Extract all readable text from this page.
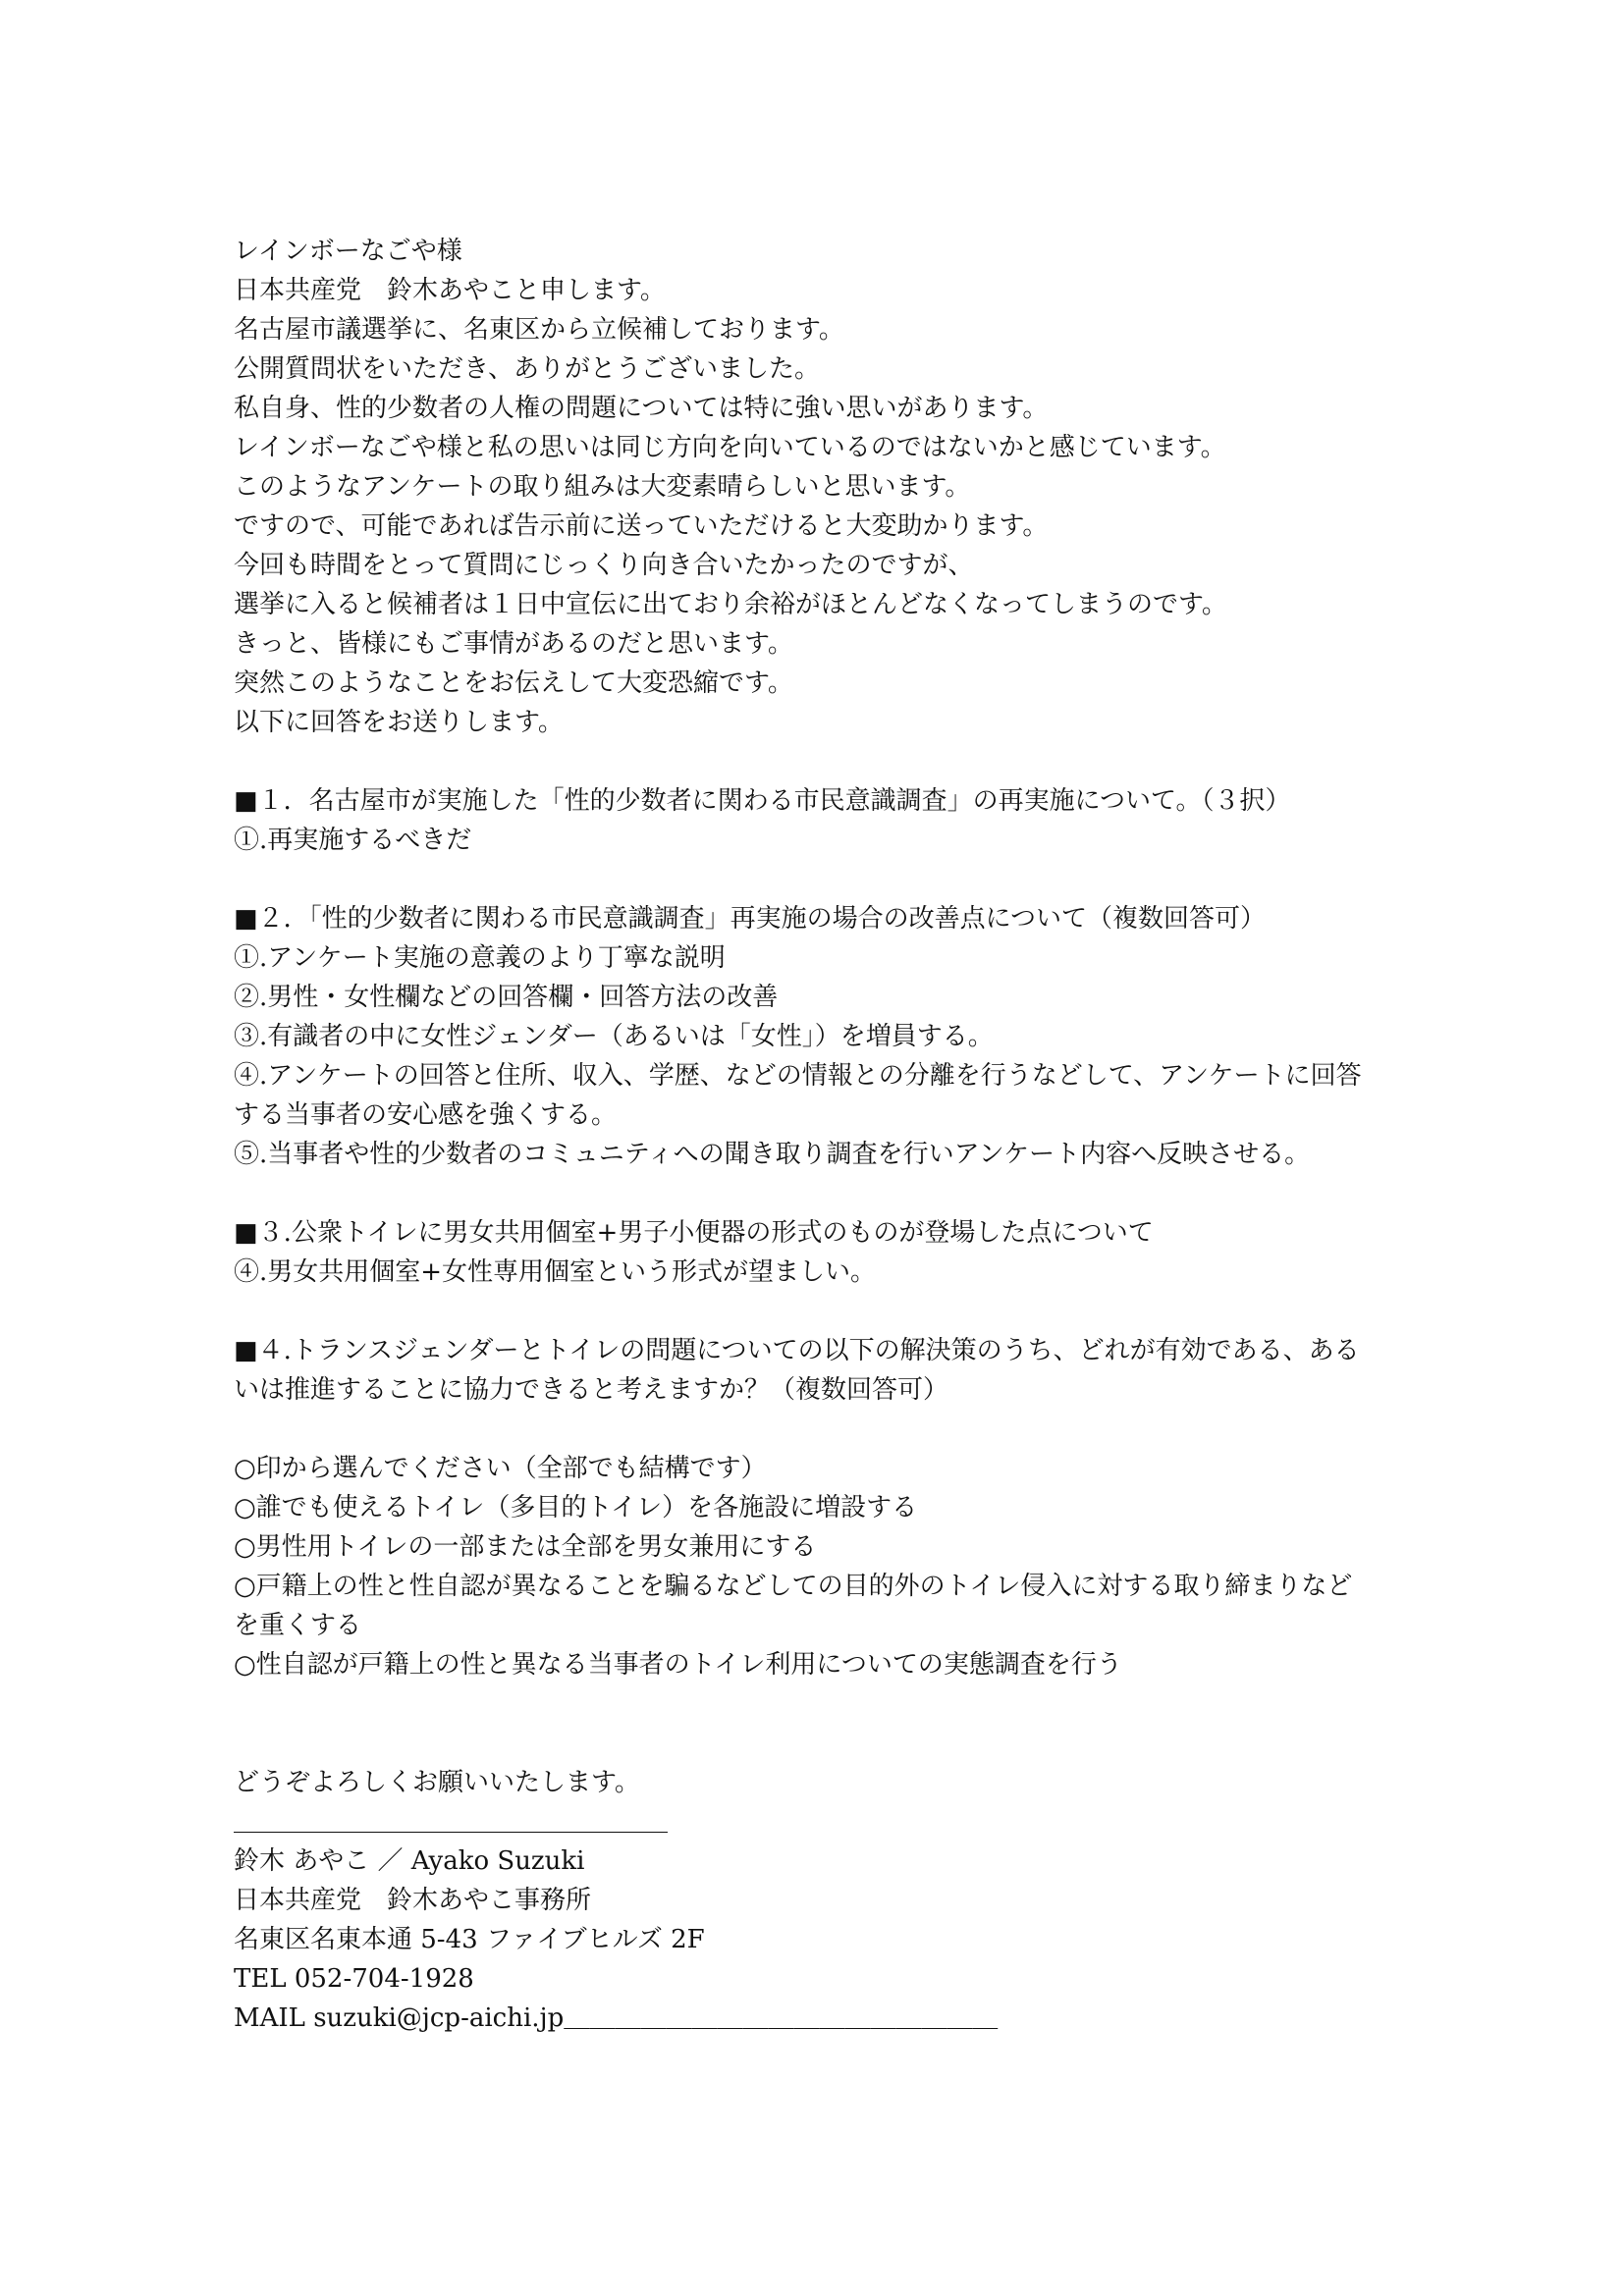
レインボーなごや様
日本共産党　鈴木あやこと申します。
名古屋市議選挙に、名東区から立候補しております。
公開質問状をいただき、ありがとうございました。
私自身、性的少数者の人権の問題については特に強い思いがあります。
レインボーなごや様と私の思いは同じ方向を向いているのではないかと感じています。
このようなアンケートの取り組みは大変素晴らしいと思います。
ですので、可能であれば告示前に送っていただけると大変助かります。
今回も時間をとって質問にじっくり向き合いたかったのですが、
選挙に入ると候補者は１日中宣伝に出ており余裕がほとんどなくなってしまうのです。
きっと、皆様にもご事情があるのだと思います。
突然このようなことをお伝えして大変恐縮です。
以下に回答をお送りします。
■１．名古屋市が実施した「性的少数者に関わる市民意識調査」の再実施について。（３択）
①.再実施するべきだ
■２．「性的少数者に関わる市民意識調査」再実施の場合の改善点について（複数回答可）
①.アンケート実施の意義のより丁寧な説明
②.男性・女性欄などの回答欄・回答方法の改善
③.有識者の中に女性ジェンダー（あるいは「女性」）を増員する。
④.アンケートの回答と住所、収入、学歴、などの情報との分離を行うなどして、アンケートに回答
する当事者の安心感を強くする。
⑤.当事者や性的少数者のコミュニティへの聞き取り調査を行いアンケート内容へ反映させる。
■３.公衆トイレに男女共用個室+男子小便器の形式のものが登場した点について
④.男女共用個室+女性専用個室という形式が望ましい。
■４.トランスジェンダーとトイレの問題についての以下の解決策のうち、どれが有効である、ある
いは推進することに協力できると考えますか？（複数回答可）
○印から選んでください（全部でも結構です）
○誰でも使えるトイレ（多目的トイレ）を各施設に増設する
○男性用トイレの一部または全部を男女兼用にする
○戸籍上の性と性自認が異なることを騙るなどしての目的外のトイレ侵入に対する取り締まりなど
を重くする
○性自認が戸籍上の性と異なる当事者のトイレ利用についての実態調査を行う
どうぞよろしくお願いいたします。
＿＿＿＿＿＿＿＿＿＿＿＿＿＿＿＿＿
鈴木 あやこ ／ Ayako Suzuki
日本共産党　鈴木あやこ事務所
名東区名東本通 5-43 ファイブヒルズ 2F
TEL 052-704-1928
MAIL suzuki@jcp-aichi.jp＿＿＿＿＿＿＿＿＿＿＿＿＿＿＿＿＿
